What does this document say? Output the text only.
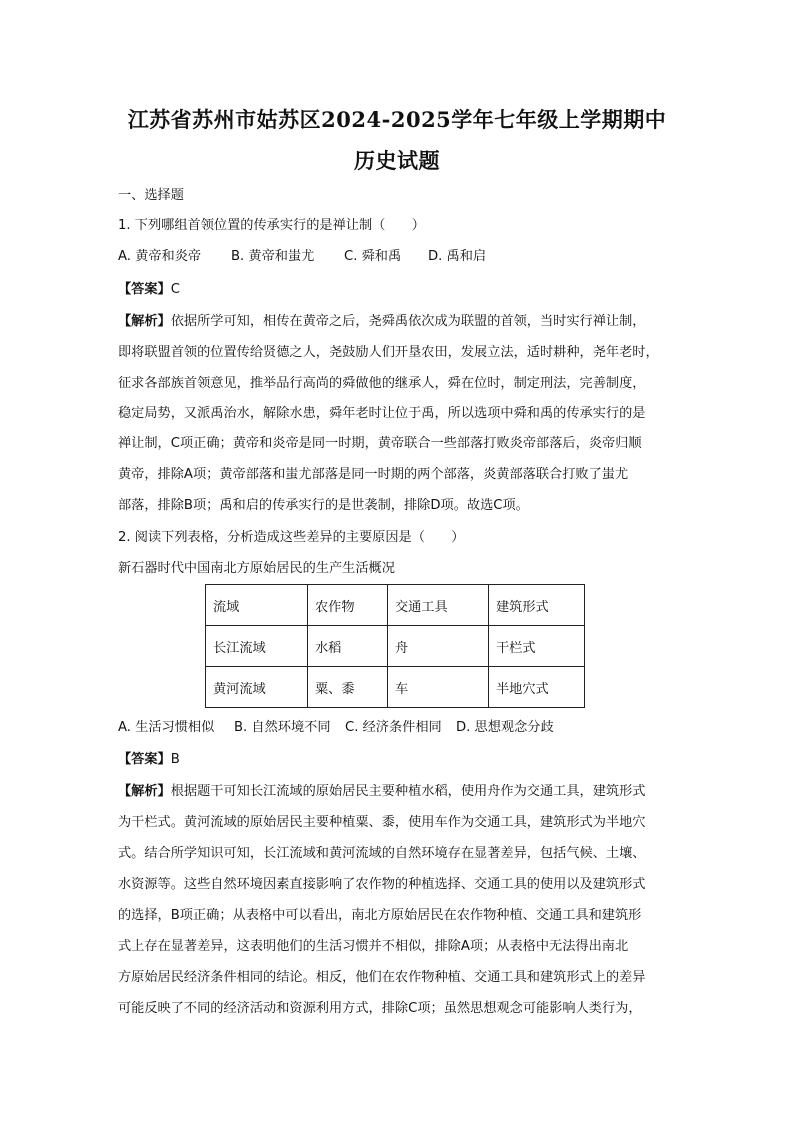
江苏省苏州市姑苏区2024-2025学年七年级上学期期中
历史试题
一、选择题
1. 下列哪组首领位置的传承实行的是禅让制（　　）
A. 黄帝和炎帝 B. 黄帝和蚩尤 C. 舜和禹 D. 禹和启
【答案】C
【解析】依据所学可知，相传在黄帝之后，尧舜禹依次成为联盟的首领，当时实行禅让制，
即将联盟首领的位置传给贤德之人，尧鼓励人们开垦农田，发展立法，适时耕种，尧年老时，
征求各部族首领意见，推举品行高尚的舜做他的继承人，舜在位时，制定刑法，完善制度，
稳定局势，又派禹治水，解除水患，舜年老时让位于禹，所以选项中舜和禹的传承实行的是
禅让制，C项正确；黄帝和炎帝是同一时期，黄帝联合一些部落打败炎帝部落后，炎帝归顺
黄帝，排除A项；黄帝部落和蚩尤部落是同一时期的两个部落，炎黄部落联合打败了蚩尤
部落，排除B项；禹和启的传承实行的是世袭制，排除D项。故选C项。
2. 阅读下列表格，分析造成这些差异的主要原因是（　　）
新石器时代中国南北方原始居民的生产生活概况
流域	农作物	交通工具	建筑形式
长江流域	水稻	舟	干栏式
黄河流域	粟、黍	车	半地穴式
A. 生活习惯相似 B. 自然环境不同 C. 经济条件相同 D. 思想观念分歧
【答案】B
【解析】根据题干可知长江流域的原始居民主要种植水稻，使用舟作为交通工具，建筑形式
为干栏式。黄河流域的原始居民主要种植粟、黍，使用车作为交通工具，建筑形式为半地穴
式。结合所学知识可知，长江流域和黄河流域的自然环境存在显著差异，包括气候、土壤、
水资源等。这些自然环境因素直接影响了农作物的种植选择、交通工具的使用以及建筑形式
的选择，B项正确；从表格中可以看出，南北方原始居民在农作物种植、交通工具和建筑形
式上存在显著差异，这表明他们的生活习惯并不相似，排除A项；从表格中无法得出南北
方原始居民经济条件相同的结论。相反，他们在农作物种植、交通工具和建筑形式上的差异
可能反映了不同的经济活动和资源利用方式，排除C项；虽然思想观念可能影响人类行为，
